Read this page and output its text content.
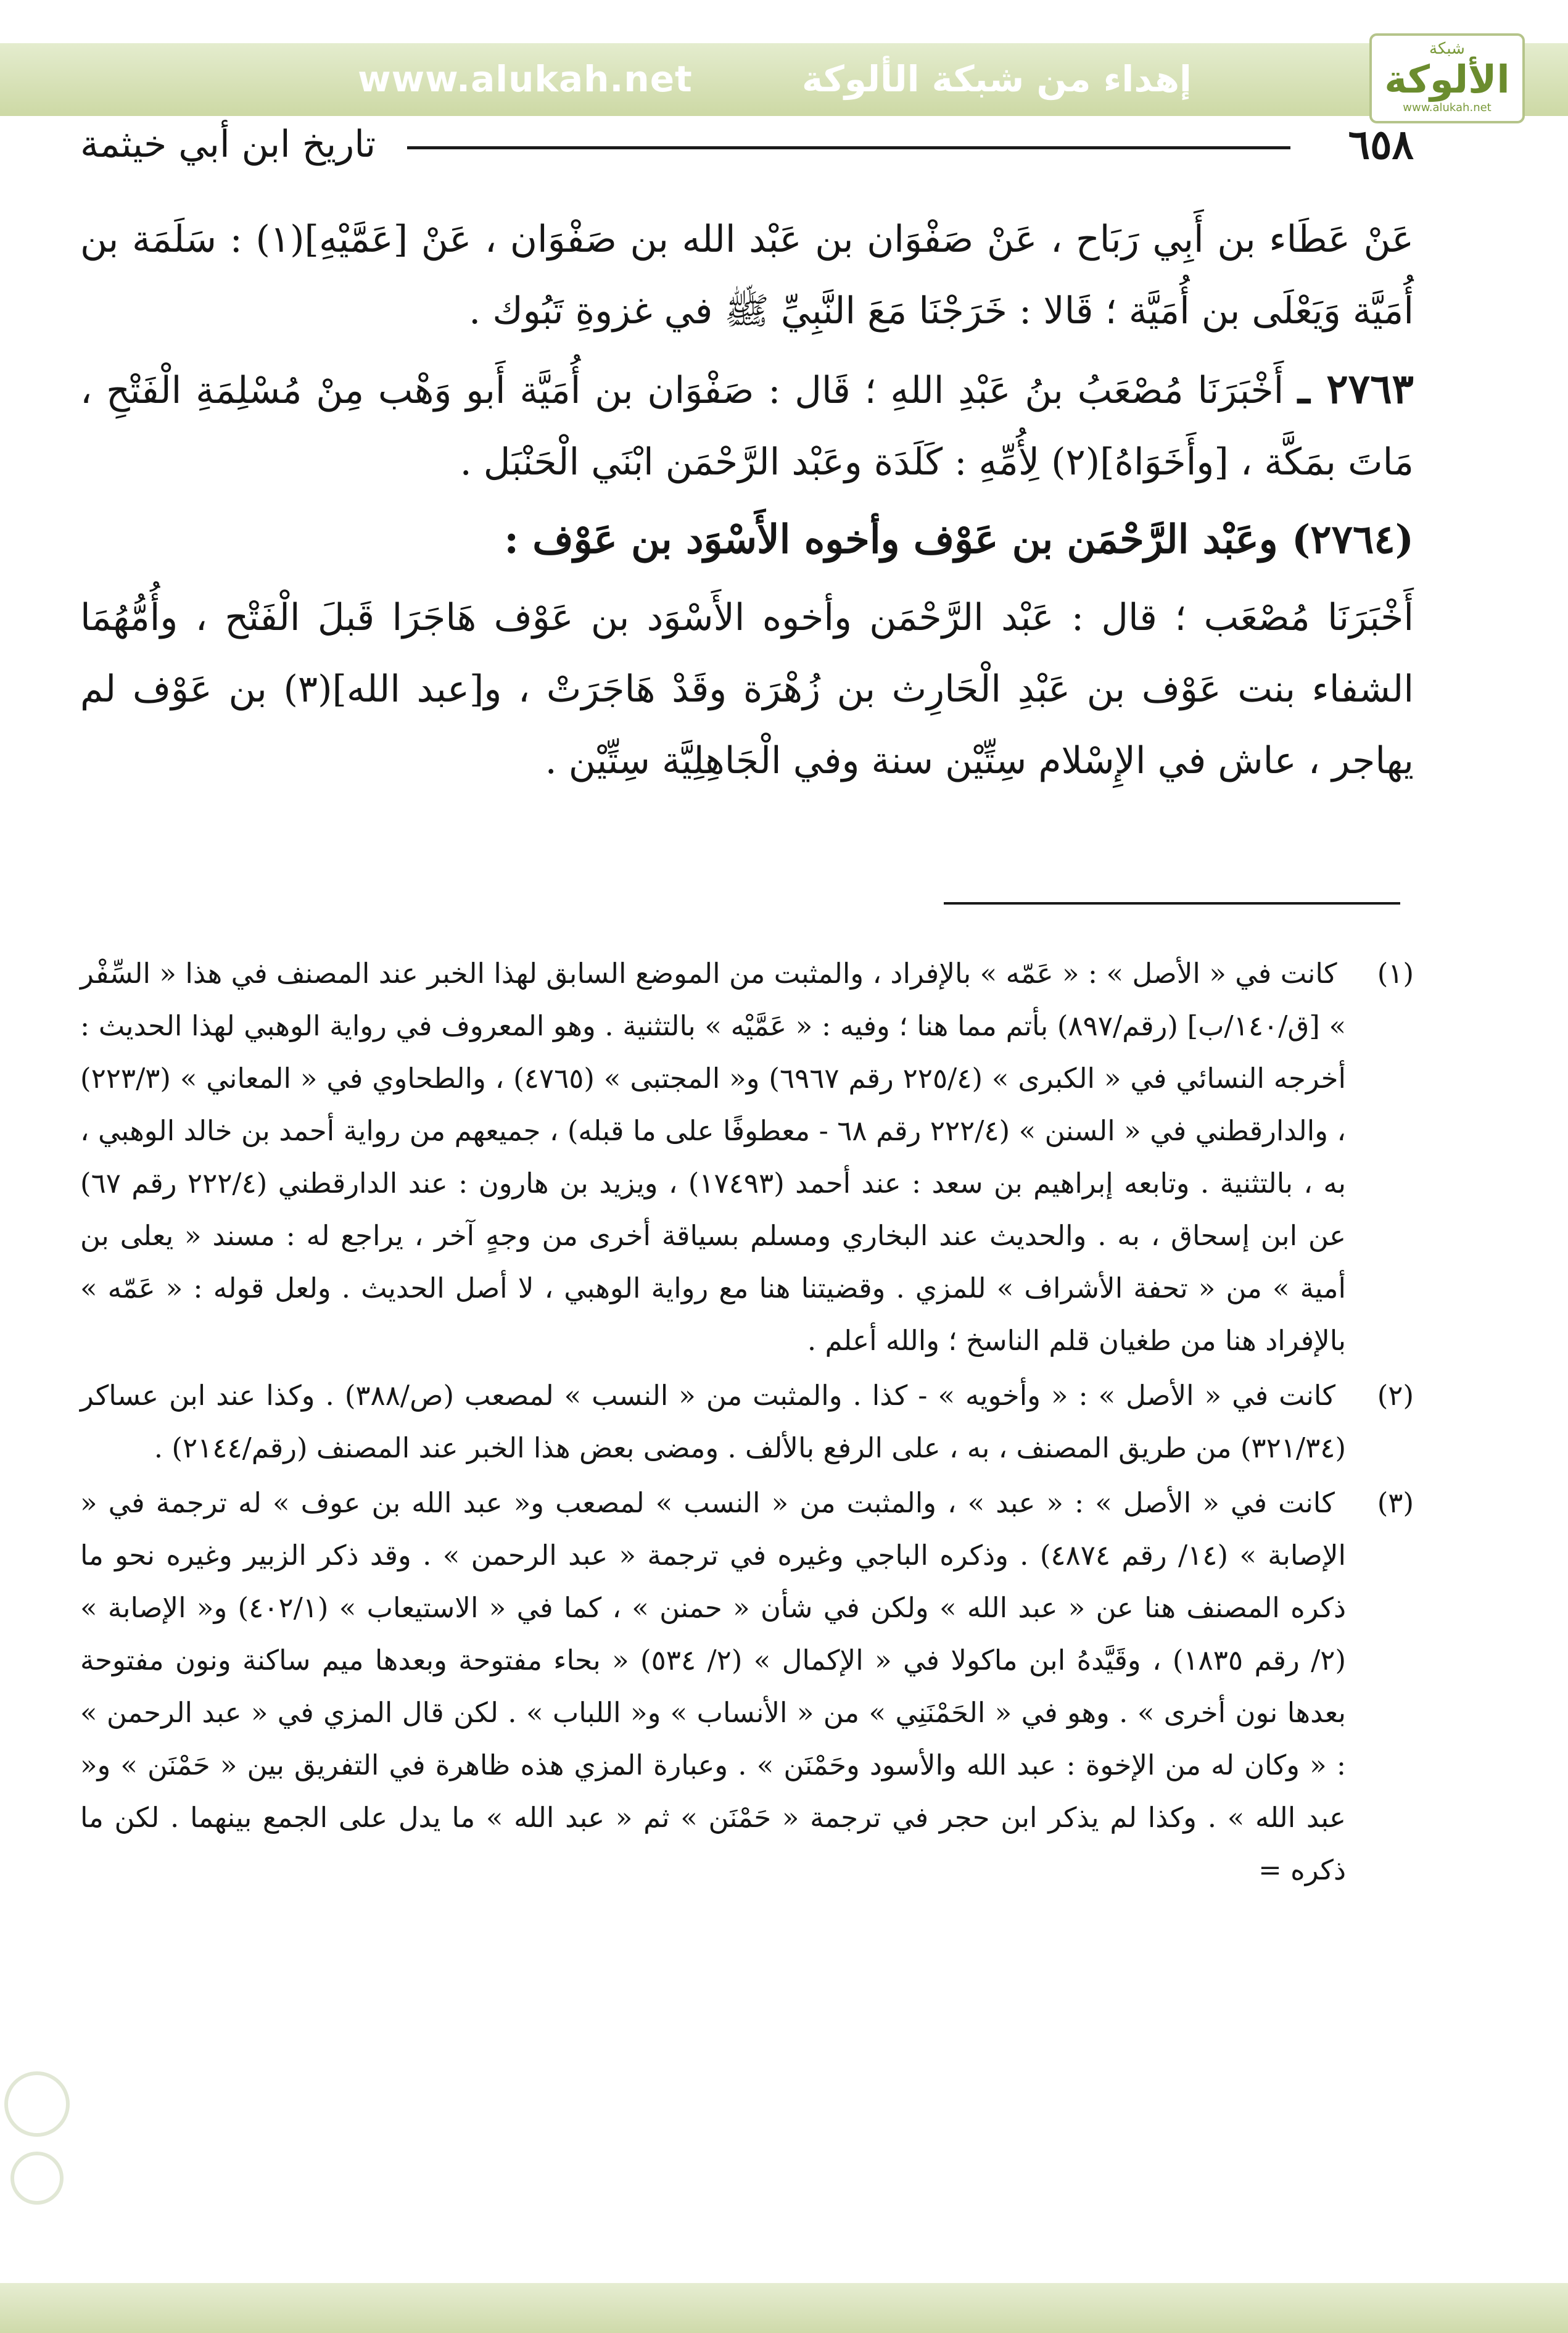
www.alukah.net	إهداء من شبكة الألوكة
شبكة
الألوكة
www.alukah.net
٦٥٨
تاريخ ابن أبي خيثمة

عَنْ عَطَاء بن أَبِي رَبَاح ، عَنْ صَفْوَان بن عَبْد الله بن صَفْوَان ، عَنْ [عَمَّيْهِ](١) : سَلَمَة بن أُمَيَّة وَيَعْلَى بن أُمَيَّة ؛ قَالا : خَرَجْنَا مَعَ النَّبِيِّ ﷺ في غزوةِ تَبُوك .

٢٧٦٣ ـ أَخْبَرَنَا مُصْعَبُ بنُ عَبْدِ اللهِ ؛ قَال : صَفْوَان بن أُمَيَّة أَبو وَهْب مِنْ مُسْلِمَةِ الْفَتْحِ ، مَاتَ بمَكَّة ، [وأَخَوَاهُ](٢) لِأُمِّهِ : كَلَدَة وعَبْد الرَّحْمَن ابْنَي الْحَنْبَل .

(٢٧٦٤) وعَبْد الرَّحْمَن بن عَوْف وأخوه الأَسْوَد بن عَوْف :

أَخْبَرَنَا مُصْعَب ؛ قال : عَبْد الرَّحْمَن وأخوه الأَسْوَد بن عَوْف هَاجَرَا قَبلَ الْفَتْح ، وأُمُّهُمَا الشفاء بنت عَوْف بن عَبْدِ الْحَارِث بن زُهْرَة وقَدْ هَاجَرَتْ ، و[عبد الله](٣) بن عَوْف لم يهاجر ، عاش في الإِسْلام سِتِّيْن سنة وفي الْجَاهِلِيَّة سِتِّيْن .

(١) كانت في « الأصل » : « عَمّه » بالإفراد ، والمثبت من الموضع السابق لهذا الخبر عند المصنف في هذا « السِّفْر » [ق/١٤٠/ب] (رقم/٨٩٧) بأتم مما هنا ؛ وفيه : « عَمَّيْه » بالتثنية . وهو المعروف في رواية الوهبي لهذا الحديث : أخرجه النسائي في « الكبرى » (٢٢٥/٤ رقم ٦٩٦٧) و« المجتبى » (٤٧٦٥) ، والطحاوي في « المعاني » (٢٢٣/٣) ، والدارقطني في « السنن » (٢٢٢/٤ رقم ٦٨ - معطوفًا على ما قبله) ، جميعهم من رواية أحمد بن خالد الوهبي ، به ، بالتثنية . وتابعه إبراهيم بن سعد : عند أحمد (١٧٤٩٣) ، ويزيد بن هارون : عند الدارقطني (٢٢٢/٤ رقم ٦٧) عن ابن إسحاق ، به . والحديث عند البخاري ومسلم بسياقة أخرى من وجهٍ آخر ، يراجع له : مسند « يعلى بن أمية » من « تحفة الأشراف » للمزي . وقضيتنا هنا مع رواية الوهبي ، لا أصل الحديث . ولعل قوله : « عَمّه » بالإفراد هنا من طغيان قلم الناسخ ؛ والله أعلم .

(٢) كانت في « الأصل » : « وأخويه » - كذا . والمثبت من « النسب » لمصعب (ص/٣٨٨) . وكذا عند ابن عساكر (٣٢١/٣٤) من طريق المصنف ، به ، على الرفع بالألف . ومضى بعض هذا الخبر عند المصنف (رقم/٢١٤٤) .

(٣) كانت في « الأصل » : « عبد » ، والمثبت من « النسب » لمصعب و« عبد الله بن عوف » له ترجمة في « الإصابة » (١٤/ رقم ٤٨٧٤) . وذكره الباجي وغيره في ترجمة « عبد الرحمن » . وقد ذكر الزبير وغيره نحو ما ذكره المصنف هنا عن « عبد الله » ولكن في شأن « حمنن » ، كما في « الاستيعاب » (٤٠٢/١) و« الإصابة » (٢/ رقم ١٨٣٥) ، وقَيَّدهُ ابن ماكولا في « الإكمال » (٢/ ٥٣٤) « بحاء مفتوحة وبعدها ميم ساكنة ونون مفتوحة بعدها نون أخرى » . وهو في « الحَمْنَنِي » من « الأنساب » و« اللباب » . لكن قال المزي في « عبد الرحمن » : « وكان له من الإخوة : عبد الله والأسود وحَمْنَن » . وعبارة المزي هذه ظاهرة في التفريق بين « حَمْنَن » و« عبد الله » . وكذا لم يذكر ابن حجر في ترجمة « حَمْنَن » ثم « عبد الله » ما يدل على الجمع بينهما . لكن ما ذكره =
